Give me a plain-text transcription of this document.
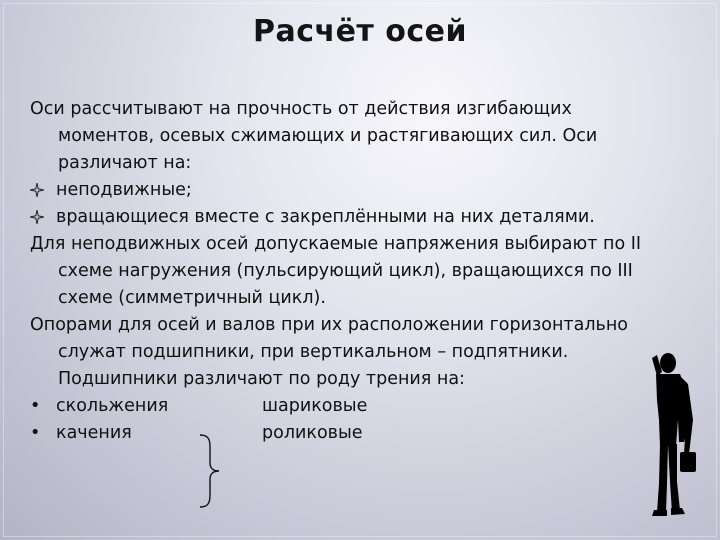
Расчёт осей

Оси рассчитывают на прочность от действия изгибающих моментов, осевых сжимающих и растягивающих сил. Оси различают на:

неподвижные;
вращающиеся вместе с закреплёнными на них деталями.

Для неподвижных осей допускаемые напряжения выбирают по II схеме нагружения (пульсирующий цикл), вращающихся по III схеме (симметричный цикл).

Опорами для осей и валов при их расположении горизонтально служат подшипники, при вертикальном – подпятники. Подшипники различают по роду трения на:

• скольжения	шариковые
• качения	роликовые
